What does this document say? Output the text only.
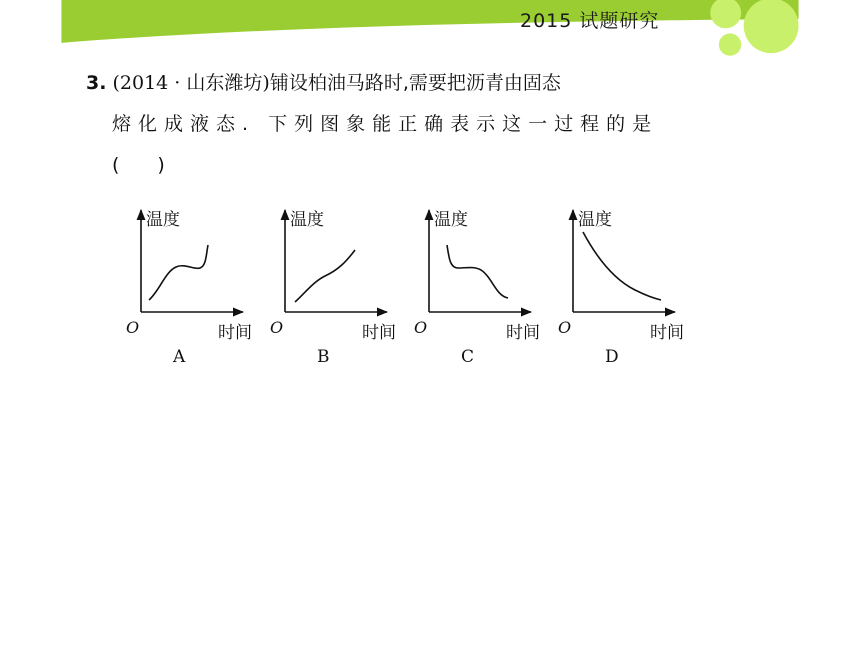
2015 试题研究
3. (2014 · 山东潍坊)铺设柏油马路时,需要把沥青由固态
熔化成液态. 下列图象能正确表示这一过程的是
(　　)
温度
O	时间
A
温度
O	时间
B
温度
O	时间
C
温度
O	时间
D
